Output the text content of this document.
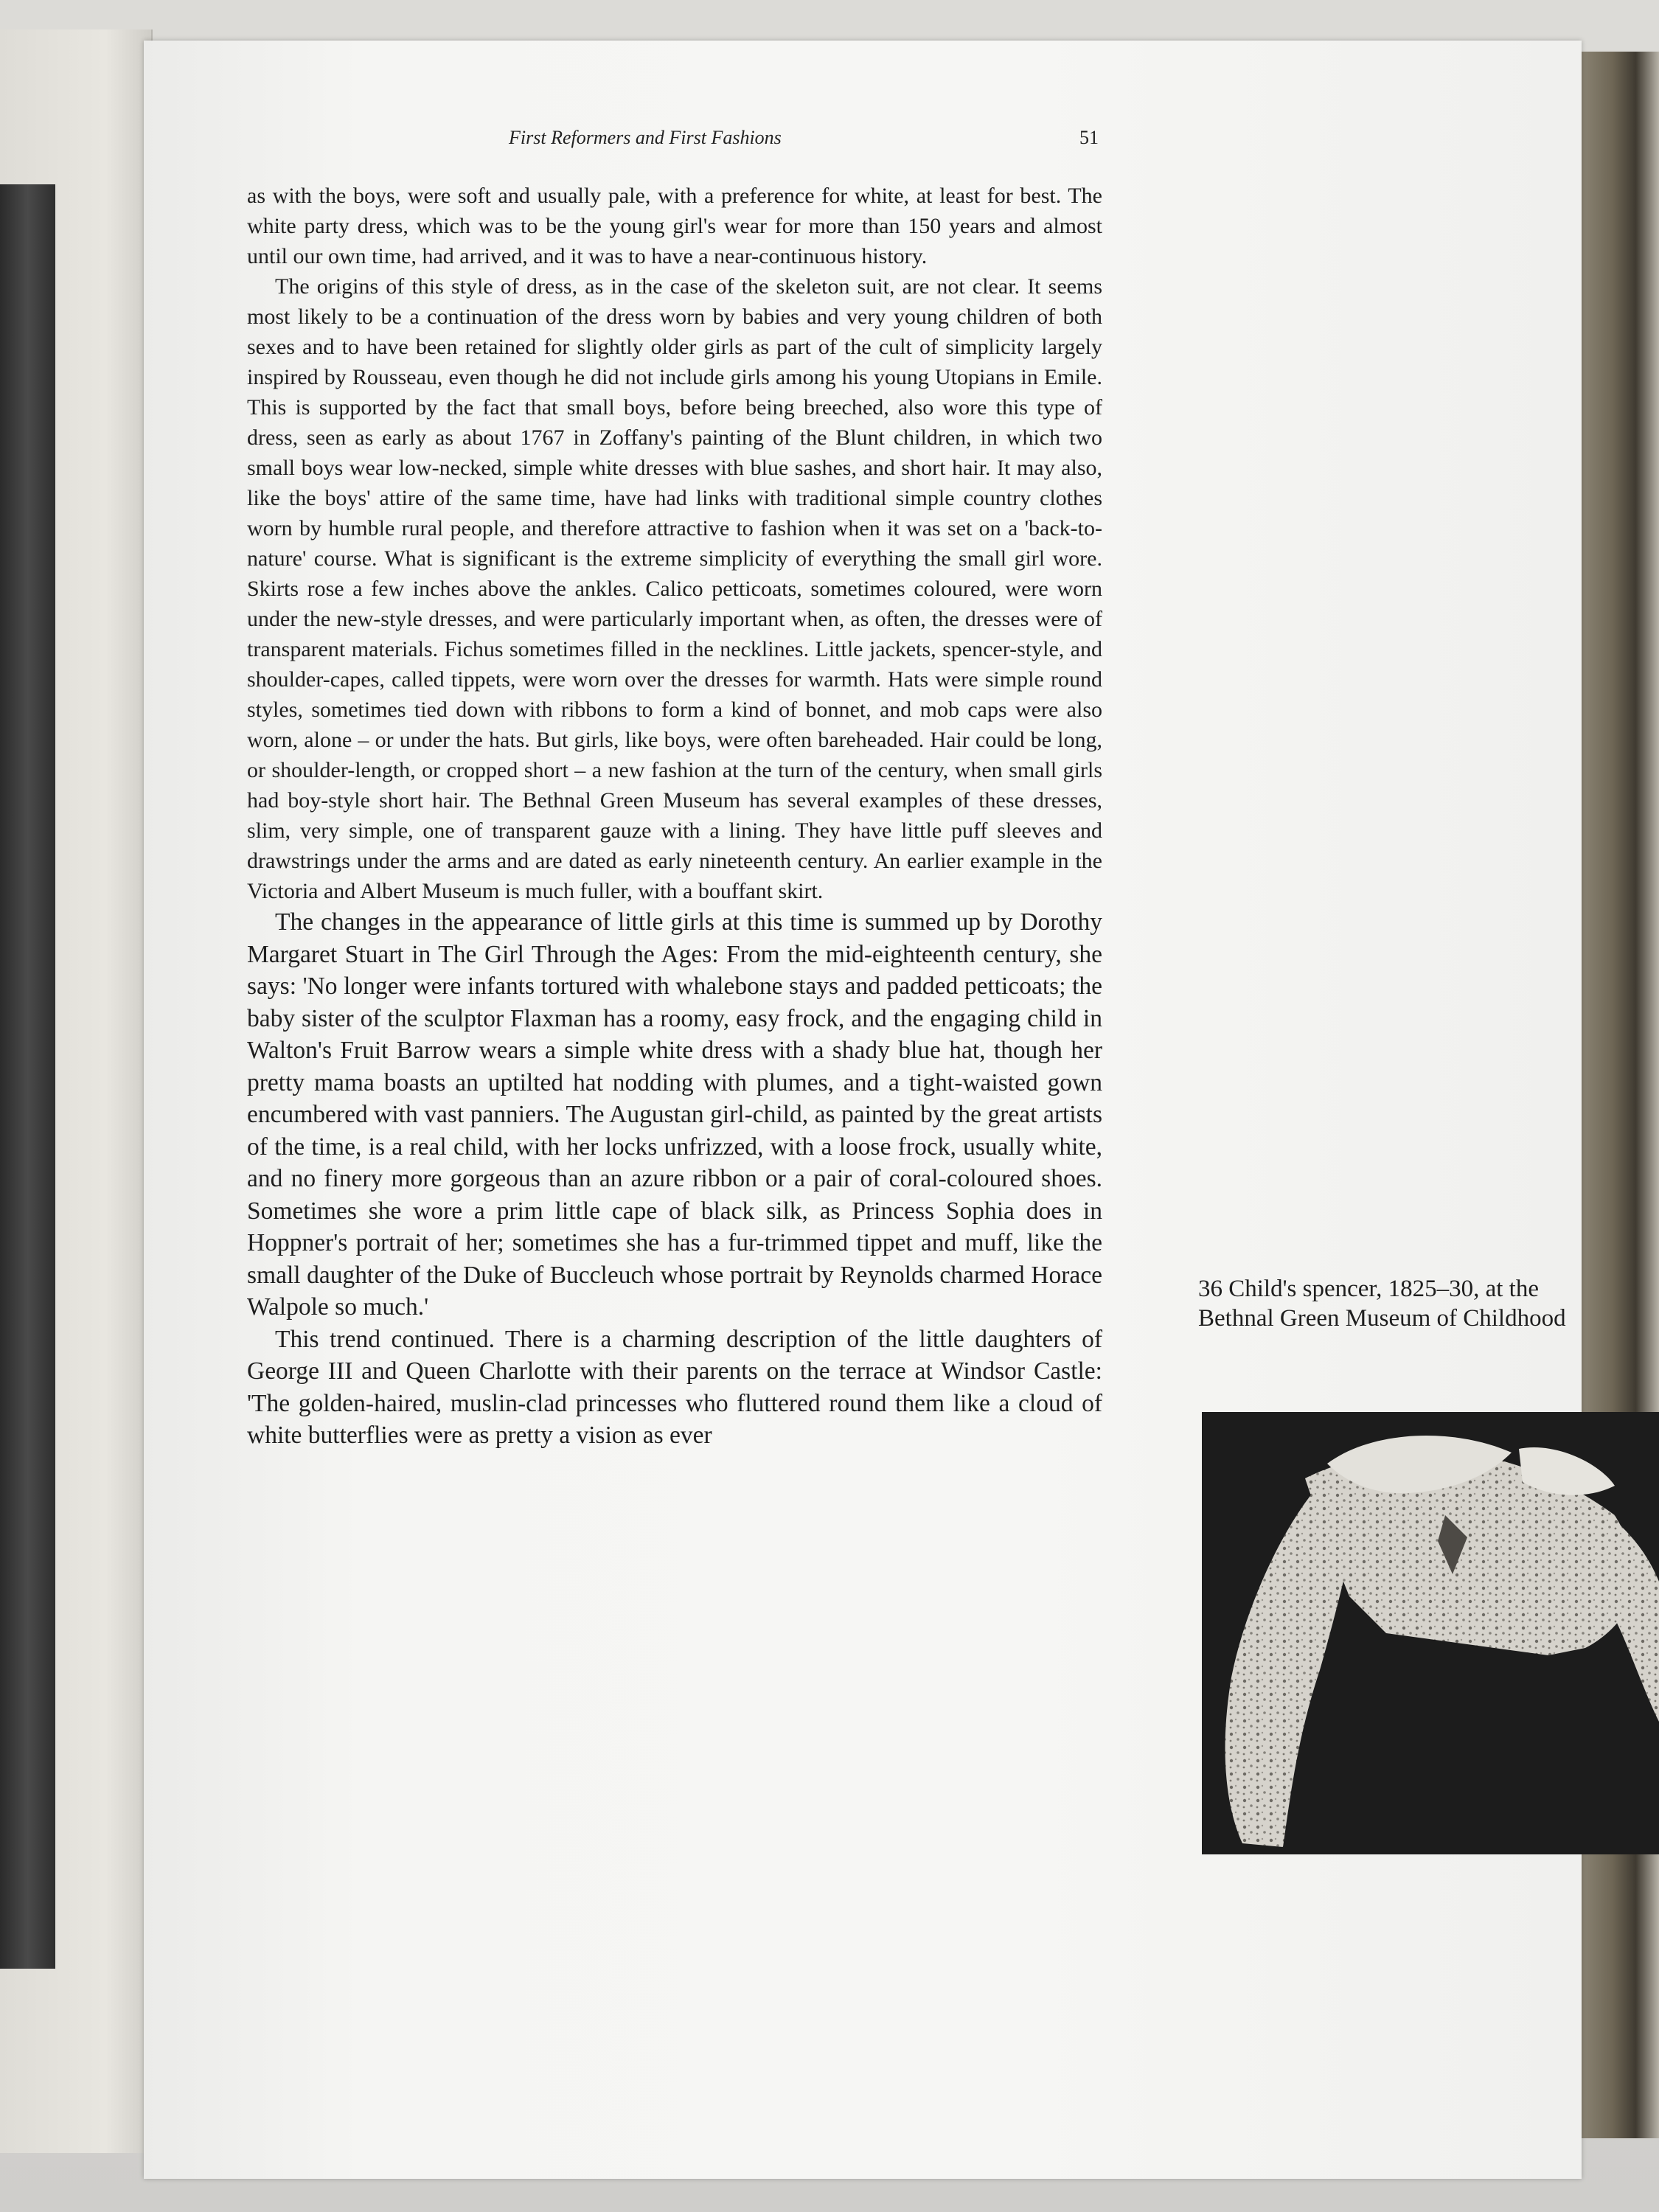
First Reformers and First Fashions	51

as with the boys, were soft and usually pale, with a preference for white, at least for best. The white party dress, which was to be the young girl's wear for more than 150 years and almost until our own time, had arrived, and it was to have a near-continuous history.

The origins of this style of dress, as in the case of the skeleton suit, are not clear. It seems most likely to be a continuation of the dress worn by babies and very young children of both sexes and to have been retained for slightly older girls as part of the cult of simplicity largely inspired by Rousseau, even though he did not include girls among his young Utopians in Emile. This is supported by the fact that small boys, before being breeched, also wore this type of dress, seen as early as about 1767 in Zoffany's painting of the Blunt children, in which two small boys wear low-necked, simple white dresses with blue sashes, and short hair. It may also, like the boys' attire of the same time, have had links with traditional simple country clothes worn by humble rural people, and therefore attractive to fashion when it was set on a 'back-to-nature' course. What is significant is the extreme simplicity of everything the small girl wore. Skirts rose a few inches above the ankles. Calico petticoats, sometimes coloured, were worn under the new-style dresses, and were particularly important when, as often, the dresses were of transparent materials. Fichus sometimes filled in the necklines. Little jackets, spencer-style, and shoulder-capes, called tippets, were worn over the dresses for warmth. Hats were simple round styles, sometimes tied down with ribbons to form a kind of bonnet, and mob caps were also worn, alone – or under the hats. But girls, like boys, were often bareheaded. Hair could be long, or shoulder-length, or cropped short – a new fashion at the turn of the century, when small girls had boy-style short hair. The Bethnal Green Museum has several examples of these dresses, slim, very simple, one of transparent gauze with a lining. They have little puff sleeves and drawstrings under the arms and are dated as early nineteenth century. An earlier example in the Victoria and Albert Museum is much fuller, with a bouffant skirt.

The changes in the appearance of little girls at this time is summed up by Dorothy Margaret Stuart in The Girl Through the Ages: From the mid-eighteenth century, she says: 'No longer were infants tortured with whalebone stays and padded petticoats; the baby sister of the sculptor Flaxman has a roomy, easy frock, and the engaging child in Walton's Fruit Barrow wears a simple white dress with a shady blue hat, though her pretty mama boasts an uptilted hat nodding with plumes, and a tight-waisted gown encumbered with vast panniers. The Augustan girl-child, as painted by the great artists of the time, is a real child, with her locks unfrizzed, with a loose frock, usually white, and no finery more gorgeous than an azure ribbon or a pair of coral-coloured shoes. Sometimes she wore a prim little cape of black silk, as Princess Sophia does in Hoppner's portrait of her; sometimes she has a fur-trimmed tippet and muff, like the small daughter of the Duke of Buccleuch whose portrait by Reynolds charmed Horace Walpole so much.'

This trend continued. There is a charming description of the little daughters of George III and Queen Charlotte with their parents on the terrace at Windsor Castle: 'The golden-haired, muslin-clad princesses who fluttered round them like a cloud of white butterflies were as pretty a vision as ever

36 Child's spencer, 1825–30, at the Bethnal Green Museum of Childhood
